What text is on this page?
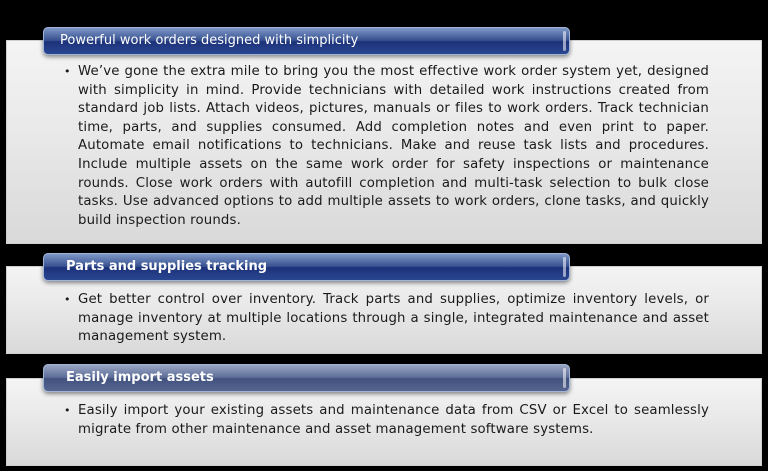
Powerful work orders designed with simplicity
• We’ve gone the extra mile to bring you the most effective work order system yet, designed with simplicity in mind. Provide technicians with detailed work instructions created from standard job lists. Attach videos, pictures, manuals or files to work orders. Track technician time, parts, and supplies consumed. Add completion notes and even print to paper. Automate email notifications to technicians. Make and reuse task lists and procedures. Include multiple assets on the same work order for safety inspections or maintenance rounds. Close work orders with autofill completion and multi-task selection to bulk close tasks. Use advanced options to add multiple assets to work orders, clone tasks, and quickly build inspection rounds.
Parts and supplies tracking
• Get better control over inventory. Track parts and supplies, optimize inventory levels, or manage inventory at multiple locations through a single, integrated maintenance and asset management system.
Easily import assets
• Easily import your existing assets and maintenance data from CSV or Excel to seamlessly migrate from other maintenance and asset management software systems.
